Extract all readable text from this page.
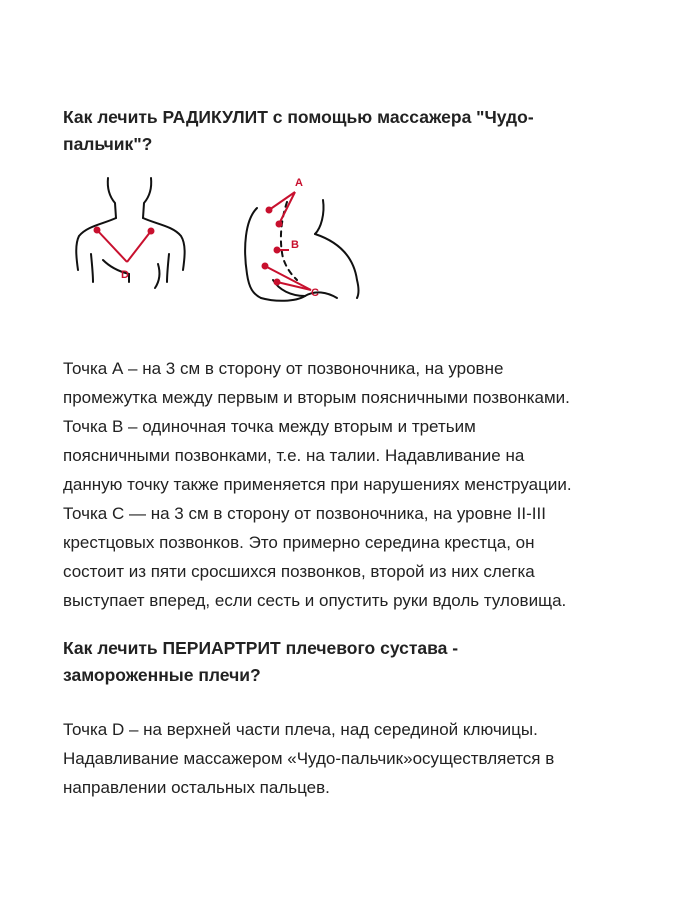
Как лечить РАДИКУЛИТ с помощью массажера "Чудо-
пальчик"?
D
A
B
C

Точка А – на 3 см в сторону от позвоночника, на уровне
промежутка между первым и вторым поясничными позвонками.
Точка В – одиночная точка между вторым и третьим
поясничными позвонками, т.е. на талии. Надавливание на
данную точку также применяется при нарушениях менструации.
Точка С — на 3 см в сторону от позвоночника, на уровне II-III
крестцовых позвонков. Это примерно середина крестца, он
состоит из пяти сросшихся позвонков, второй из них слегка
выступает вперед, если сесть и опустить руки вдоль туловища.

Как лечить ПЕРИАРТРИТ плечевого сустава -
замороженные плечи?

Точка D – на верхней части плеча, над серединой ключицы.
Надавливание массажером «Чудо-пальчик»осуществляется в
направлении остальных пальцев.
